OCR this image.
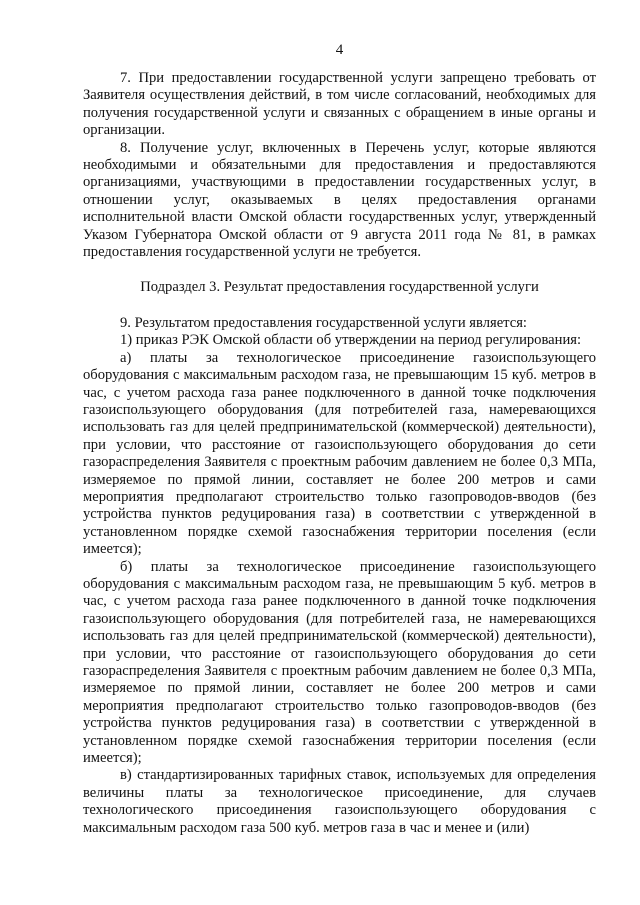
4

7. При предоставлении государственной услуги запрещено требовать от Заявителя осуществления действий, в том числе согласований, необходимых для получения государственной услуги и связанных с обращением в иные органы и организации.

8. Получение услуг, включенных в Перечень услуг, которые являются необходимыми и обязательными для предоставления и предоставляются организациями, участвующими в предоставлении государственных услуг, в отношении услуг, оказываемых в целях предоставления органами исполнительной власти Омской области государственных услуг, утвержденный Указом Губернатора Омской области от 9 августа 2011 года № 81, в рамках предоставления государственной услуги не требуется.

Подраздел 3. Результат предоставления государственной услуги

9. Результатом предоставления государственной услуги является:

1) приказ РЭК Омской области об утверждении на период регулирования:

а) платы за технологическое присоединение газоиспользующего оборудования с максимальным расходом газа, не превышающим 15 куб. метров в час, с учетом расхода газа ранее подключенного в данной точке подключения газоиспользующего оборудования (для потребителей газа, намеревающихся использовать газ для целей предпринимательской (коммерческой) деятельности), при условии, что расстояние от газоиспользующего оборудования до сети газораспределения Заявителя с проектным рабочим давлением не более 0,3 МПа, измеряемое по прямой линии, составляет не более 200 метров и сами мероприятия предполагают строительство только газопроводов-вводов (без устройства пунктов редуцирования газа) в соответствии с утвержденной в установленном порядке схемой газоснабжения территории поселения (если имеется);

б) платы за технологическое присоединение газоиспользующего оборудования с максимальным расходом газа, не превышающим 5 куб. метров в час, с учетом расхода газа ранее подключенного в данной точке подключения газоиспользующего оборудования (для потребителей газа, не намеревающихся использовать газ для целей предпринимательской (коммерческой) деятельности), при условии, что расстояние от газоиспользующего оборудования до сети газораспределения Заявителя с проектным рабочим давлением не более 0,3 МПа, измеряемое по прямой линии, составляет не более 200 метров и сами мероприятия предполагают строительство только газопроводов-вводов (без устройства пунктов редуцирования газа) в соответствии с утвержденной в установленном порядке схемой газоснабжения территории поселения (если имеется);

в) стандартизированных тарифных ставок, используемых для определения величины платы за технологическое присоединение, для случаев технологического присоединения газоиспользующего оборудования с максимальным расходом газа 500 куб. метров газа в час и менее и (или)
